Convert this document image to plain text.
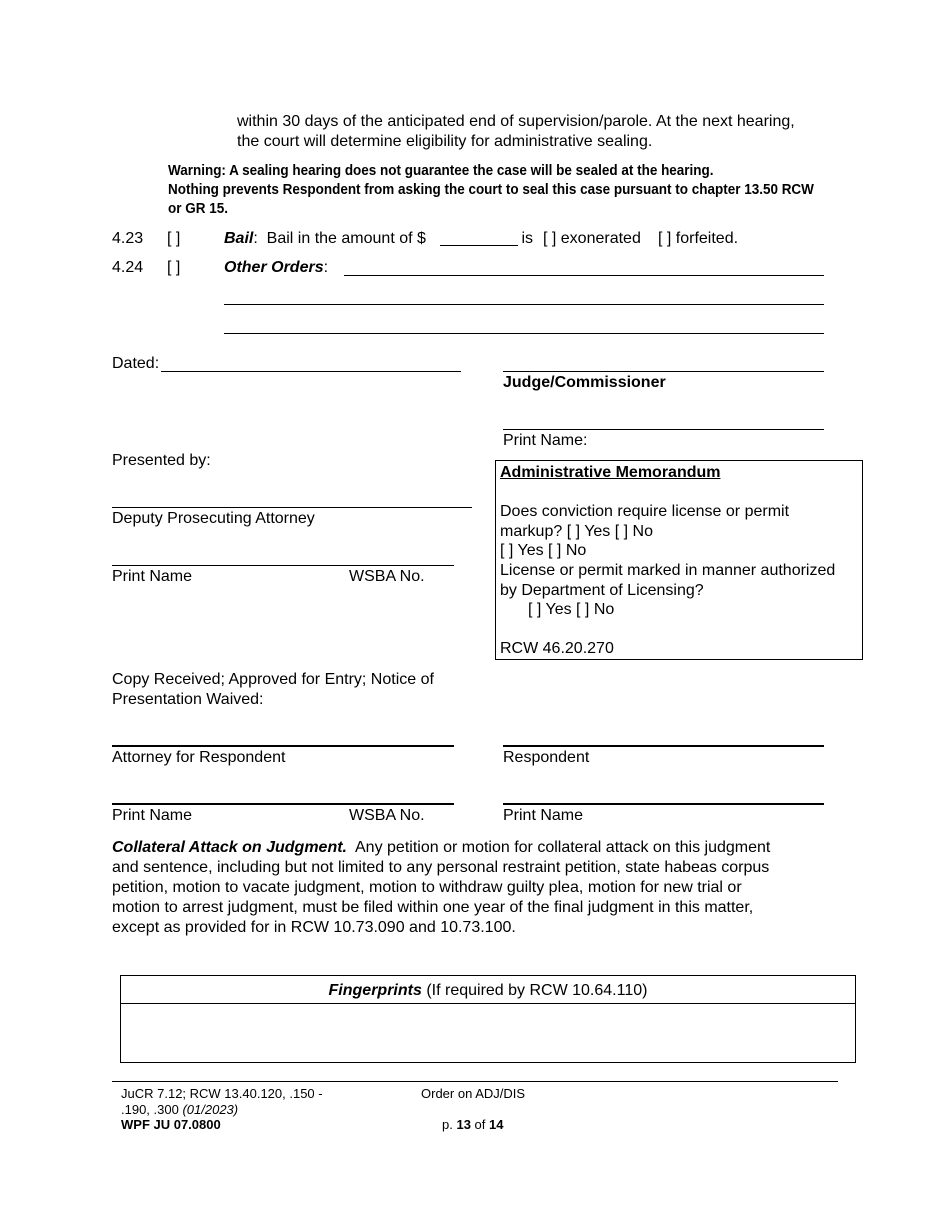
within 30 days of the anticipated end of supervision/parole. At the next hearing,
the court will determine eligibility for administrative sealing.
Warning: A sealing hearing does not guarantee the case will be sealed at the hearing.
Nothing prevents Respondent from asking the court to seal this case pursuant to chapter 13.50 RCW
or GR 15.
4.23 [ ]	Bail:  Bail in the amount of $	is [ ] exonerated [ ] forfeited.
4.24 [ ]	Other Orders:
Dated:
Judge/Commissioner
Print Name:
Presented by:
Deputy Prosecuting Attorney
Print Name	WSBA No.
Administrative Memorandum
Does conviction require license or permit
markup? [ ] Yes [ ] No
[ ] Yes [ ] No
License or permit marked in manner authorized
by Department of Licensing?
[ ] Yes [ ] No
RCW 46.20.270
Copy Received; Approved for Entry; Notice of
Presentation Waived:
Attorney for Respondent	Respondent
Print Name	WSBA No.	Print Name
Collateral Attack on Judgment.  Any petition or motion for collateral attack on this judgment
and sentence, including but not limited to any personal restraint petition, state habeas corpus
petition, motion to vacate judgment, motion to withdraw guilty plea, motion for new trial or
motion to arrest judgment, must be filed within one year of the final judgment in this matter,
except as provided for in RCW 10.73.090 and 10.73.100.
Fingerprints (If required by RCW 10.64.110)
JuCR 7.12; RCW 13.40.120, .150 -
.190, .300 (01/2023)
WPF JU 07.0800
Order on ADJ/DIS
p. 13 of 14
